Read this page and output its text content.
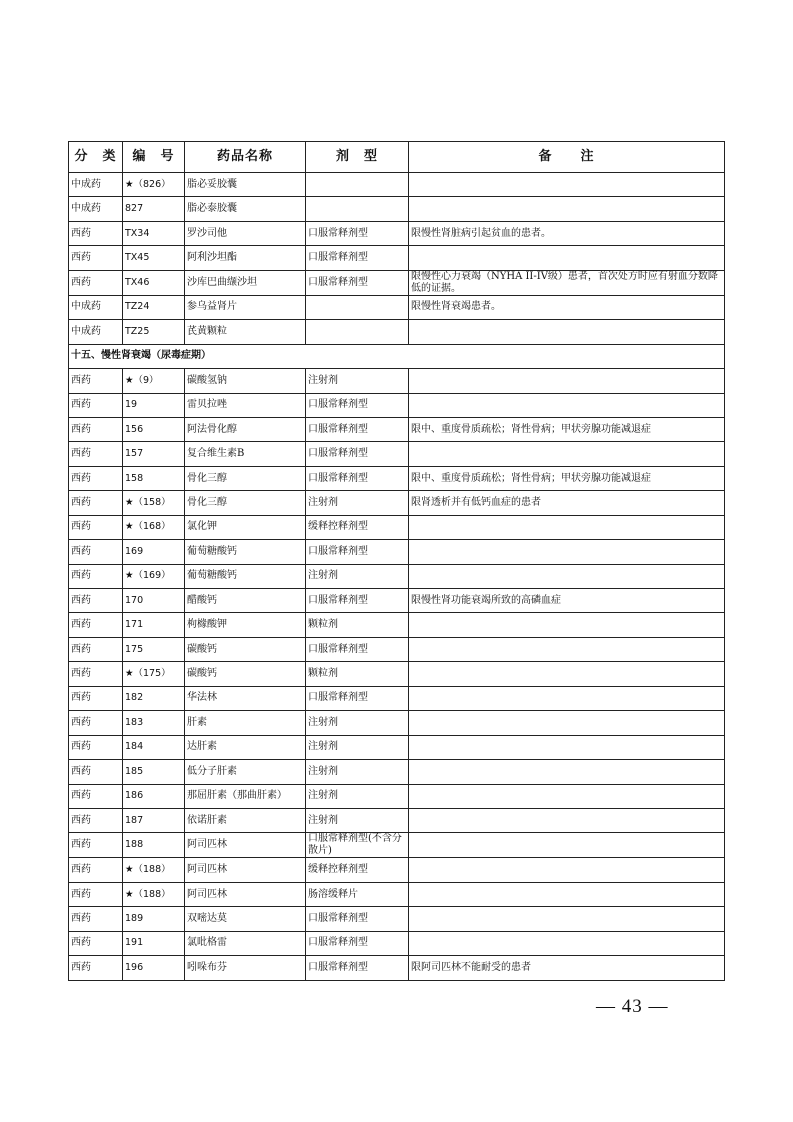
分　类	编　号	药品名称	剂　型	备　　注
中成药	★（826）	脂必妥胶囊		
中成药	827	脂必泰胶囊		
西药	TX34	罗沙司他	口服常释剂型	限慢性肾脏病引起贫血的患者。
西药	TX45	阿利沙坦酯	口服常释剂型	
西药	TX46	沙库巴曲缬沙坦	口服常释剂型	限慢性心力衰竭（NYHA II-IV级）患者，首次处方时应有射血分数降低的证据。
中成药	TZ24	参乌益肾片		限慢性肾衰竭患者。
中成药	TZ25	芪黄颗粒		
十五、慢性肾衰竭（尿毒症期）				
西药	★（9）	碳酸氢钠	注射剂	
西药	19	雷贝拉唑	口服常释剂型	
西药	156	阿法骨化醇	口服常释剂型	限中、重度骨质疏松；肾性骨病；甲状旁腺功能减退症
西药	157	复合维生素B	口服常释剂型	
西药	158	骨化三醇	口服常释剂型	限中、重度骨质疏松；肾性骨病；甲状旁腺功能减退症
西药	★（158）	骨化三醇	注射剂	限肾透析并有低钙血症的患者
西药	★（168）	氯化钾	缓释控释剂型	
西药	169	葡萄糖酸钙	口服常释剂型	
西药	★（169）	葡萄糖酸钙	注射剂	
西药	170	醋酸钙	口服常释剂型	限慢性肾功能衰竭所致的高磷血症
西药	171	枸橼酸钾	颗粒剂	
西药	175	碳酸钙	口服常释剂型	
西药	★（175）	碳酸钙	颗粒剂	
西药	182	华法林	口服常释剂型	
西药	183	肝素	注射剂	
西药	184	达肝素	注射剂	
西药	185	低分子肝素	注射剂	
西药	186	那屈肝素（那曲肝素）	注射剂	
西药	187	依诺肝素	注射剂	
西药	188	阿司匹林	口服常释剂型(不含分散片)	
西药	★（188）	阿司匹林	缓释控释剂型	
西药	★（188）	阿司匹林	肠溶缓释片	
西药	189	双嘧达莫	口服常释剂型	
西药	191	氯吡格雷	口服常释剂型	
西药	196	吲哚布芬	口服常释剂型	限阿司匹林不能耐受的患者
— 43 —
